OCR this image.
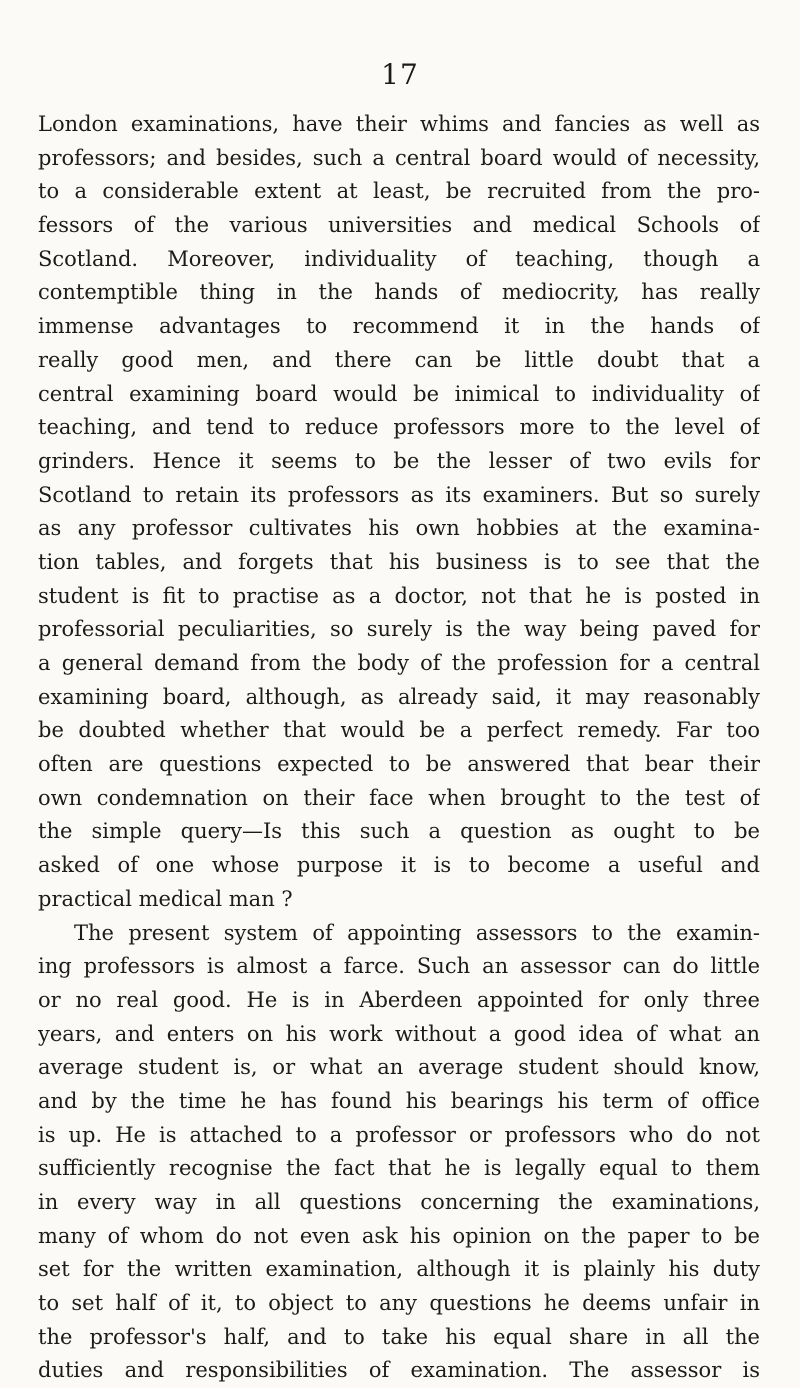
17
London examinations, have their whims and fancies as well as
professors; and besides, such a central board would of necessity,
to a considerable extent at least, be recruited from the pro-
fessors of the various universities and medical Schools of
Scotland. Moreover, individuality of teaching, though a
contemptible thing in the hands of mediocrity, has really
immense advantages to recommend it in the hands of
really good men, and there can be little doubt that a
central examining board would be inimical to individuality of
teaching, and tend to reduce professors more to the level of
grinders. Hence it seems to be the lesser of two evils for
Scotland to retain its professors as its examiners. But so surely
as any professor cultivates his own hobbies at the examina-
tion tables, and forgets that his business is to see that the
student is fit to practise as a doctor, not that he is posted in
professorial peculiarities, so surely is the way being paved for
a general demand from the body of the profession for a central
examining board, although, as already said, it may reasonably
be doubted whether that would be a perfect remedy. Far too
often are questions expected to be answered that bear their
own condemnation on their face when brought to the test of
the simple query—Is this such a question as ought to be
asked of one whose purpose it is to become a useful and
practical medical man ?
The present system of appointing assessors to the examin-
ing professors is almost a farce. Such an assessor can do little
or no real good. He is in Aberdeen appointed for only three
years, and enters on his work without a good idea of what an
average student is, or what an average student should know,
and by the time he has found his bearings his term of office
is up. He is attached to a professor or professors who do not
sufficiently recognise the fact that he is legally equal to them
in every way in all questions concerning the examinations,
many of whom do not even ask his opinion on the paper to be
set for the written examination, although it is plainly his duty
to set half of it, to object to any questions he deems unfair in
the professor's half, and to take his equal share in all the
duties and responsibilities of examination. The assessor is
